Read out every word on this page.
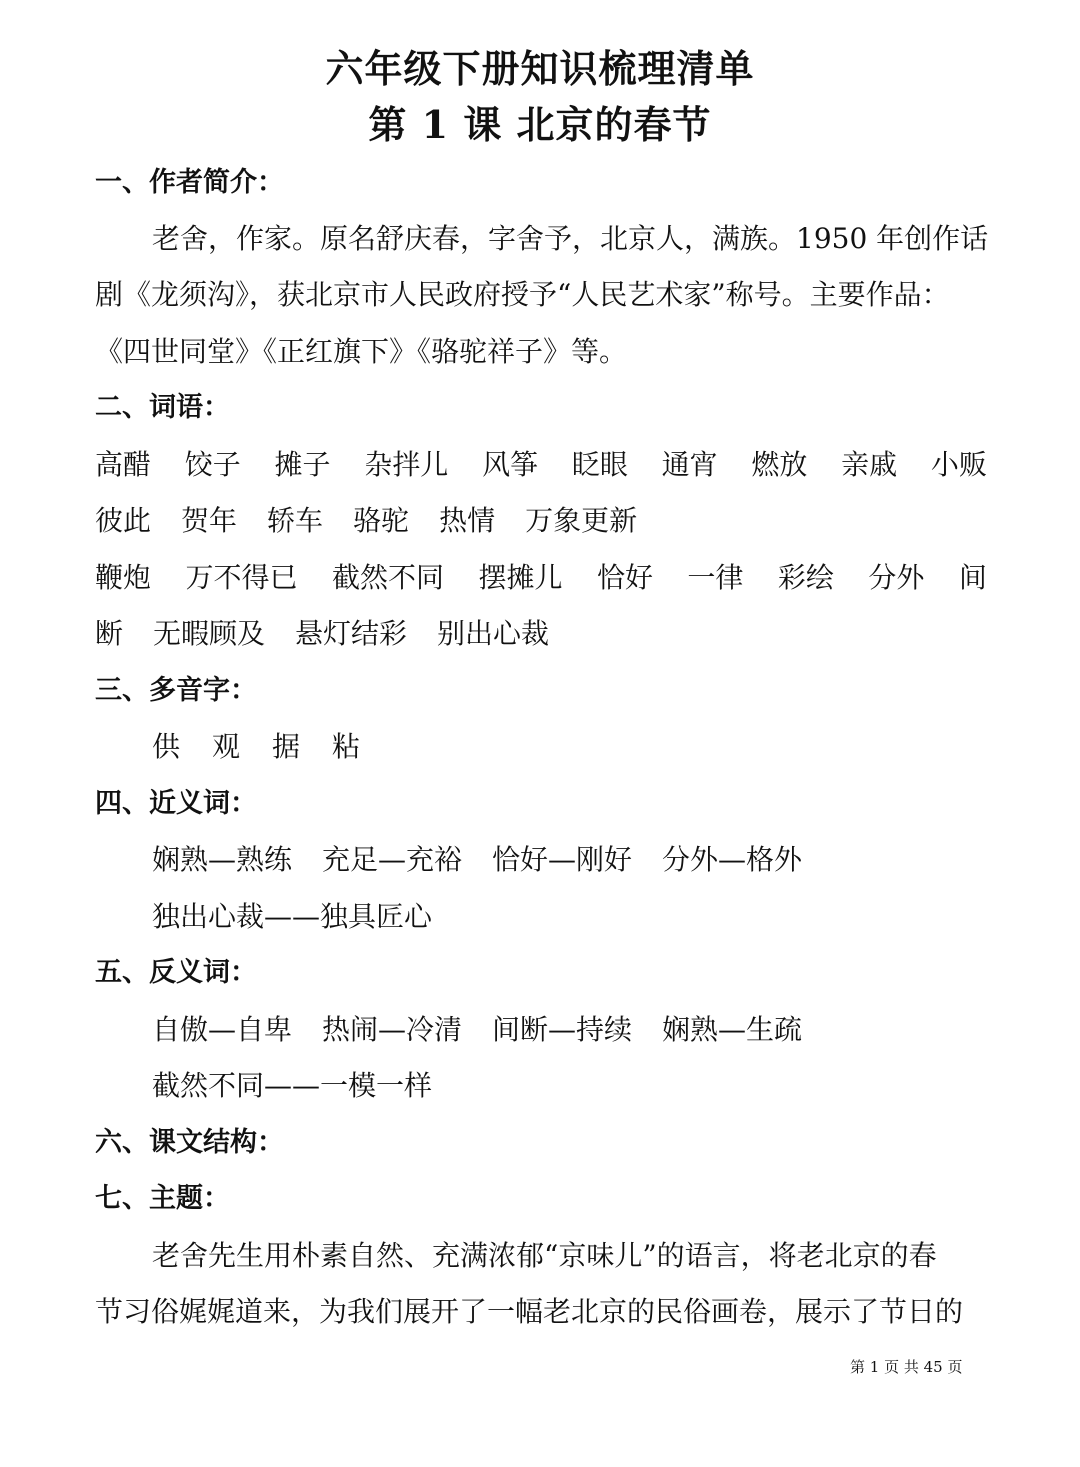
六年级下册知识梳理清单
第 1 课 北京的春节
一、作者简介：
老舍，作家。原名舒庆春，字舍予，北京人，满族。1950 年创作话
剧《龙须沟》，获北京市人民政府授予“人民艺术家”称号。主要作品：
《四世同堂》《正红旗下》《骆驼祥子》等。
二、词语：
高醋 饺子 摊子 杂拌儿 风筝 眨眼 通宵 燃放 亲戚 小贩
彼此 贺年 轿车 骆驼 热情 万象更新
鞭炮 万不得已 截然不同 摆摊儿 恰好 一律 彩绘 分外 间
断 无暇顾及 悬灯结彩 别出心裁
三、多音字：
供 观 据 粘
四、近义词：
娴熟—熟练 充足—充裕 恰好—刚好 分外—格外
独出心裁——独具匠心
五、反义词：
自傲—自卑 热闹—冷清 间断—持续 娴熟—生疏
截然不同——一模一样
六、课文结构：
七、主题：
老舍先生用朴素自然、充满浓郁“京味儿”的语言，将老北京的春
节习俗娓娓道来，为我们展开了一幅老北京的民俗画卷，展示了节日的
第 1 页 共 45 页
